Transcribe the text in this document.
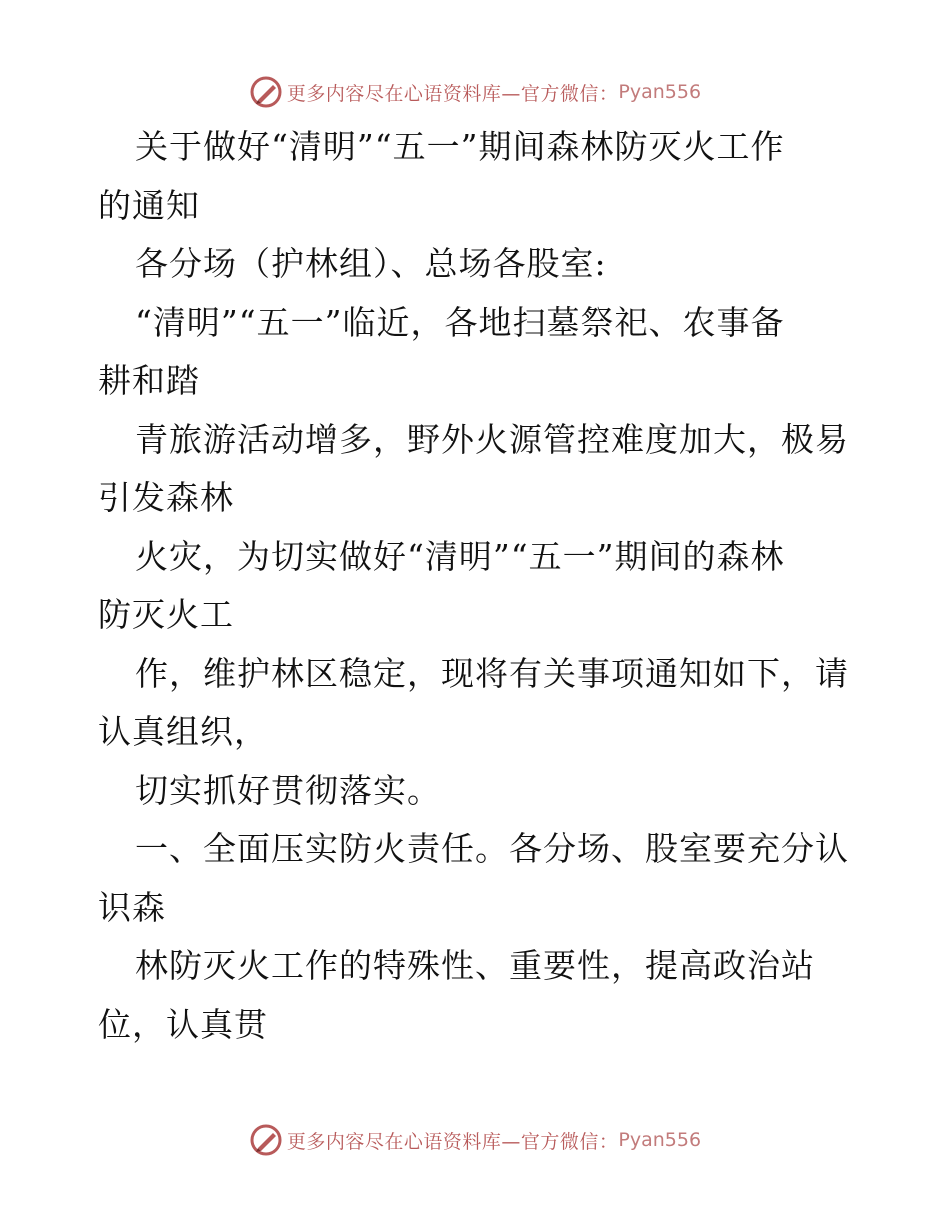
更多内容尽在心语资料库—官方微信： Pyan556
关于做好“清明”“五一”期间森林防灭火工作
的通知
各分场（护林组）、总场各股室:
“清明”“五一”临近，各地扫墓祭祀、农事备
耕和踏
青旅游活动增多，野外火源管控难度加大，极易
引发森林
火灾，为切实做好“清明”“五一”期间的森林
防灭火工
作，维护林区稳定，现将有关事项通知如下，请
认真组织，
切实抓好贯彻落实。
一、全面压实防火责任。各分场、股室要充分认
识森
林防灭火工作的特殊性、重要性，提高政治站
位，认真贯
更多内容尽在心语资料库—官方微信： Pyan556
